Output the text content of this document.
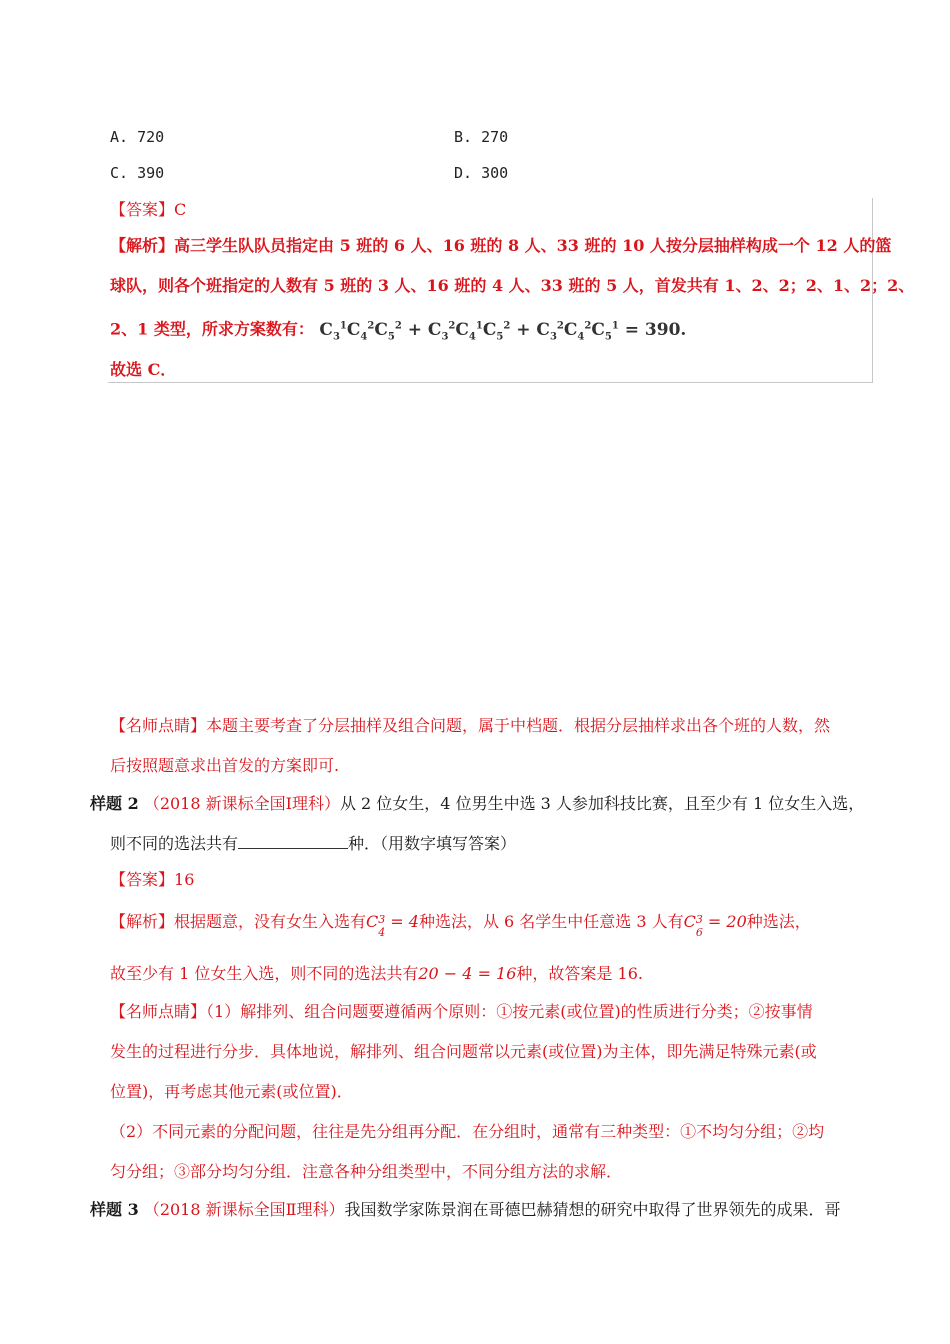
A. 720	B. 270
C. 390	D. 300
【答案】C
【解析】高三学生队队员指定由 5 班的 6 人、16 班的 8 人、33 班的 10 人按分层抽样构成一个 12 人的篮
球队，则各个班指定的人数有 5 班的 3 人、16 班的 4 人、33 班的 5 人，首发共有 1、2、2；2、1、2；2、
2、1 类型，所求方案数有： $C_3^1C_4^2C_5^2 + C_3^2C_4^1C_5^2 + C_3^2C_4^2C_5^1 = 390$.
故选 C．
【名师点睛】本题主要考查了分层抽样及组合问题，属于中档题．根据分层抽样求出各个班的人数，然
后按照题意求出首发的方案即可.
样题 2 （2018 新课标全国Ⅰ理科）从 2 位女生，4 位男生中选 3 人参加科技比赛，且至少有 1 位女生入选，
则不同的选法共有	种．（用数字填写答案）
【答案】16
【解析】根据题意，没有女生入选有C 3
4
= 4种选法，从 6 名学生中任意选 3 人有C 3
6
= 20种选法，
故至少有 1 位女生入选，则不同的选法共有20 − 4 = 16种，故答案是 16.
【名师点睛】（1）解排列、组合问题要遵循两个原则：①按元素(或位置)的性质进行分类；②按事情
发生的过程进行分步．具体地说，解排列、组合问题常以元素(或位置)为主体，即先满足特殊元素(或
位置)，再考虑其他元素(或位置)．
（2）不同元素的分配问题，往往是先分组再分配．在分组时，通常有三种类型：①不均匀分组；②均
匀分组；③部分均匀分组．注意各种分组类型中，不同分组方法的求解．
样题 3 （2018 新课标全国Ⅱ理科）我国数学家陈景润在哥德巴赫猜想的研究中取得了世界领先的成果．哥
